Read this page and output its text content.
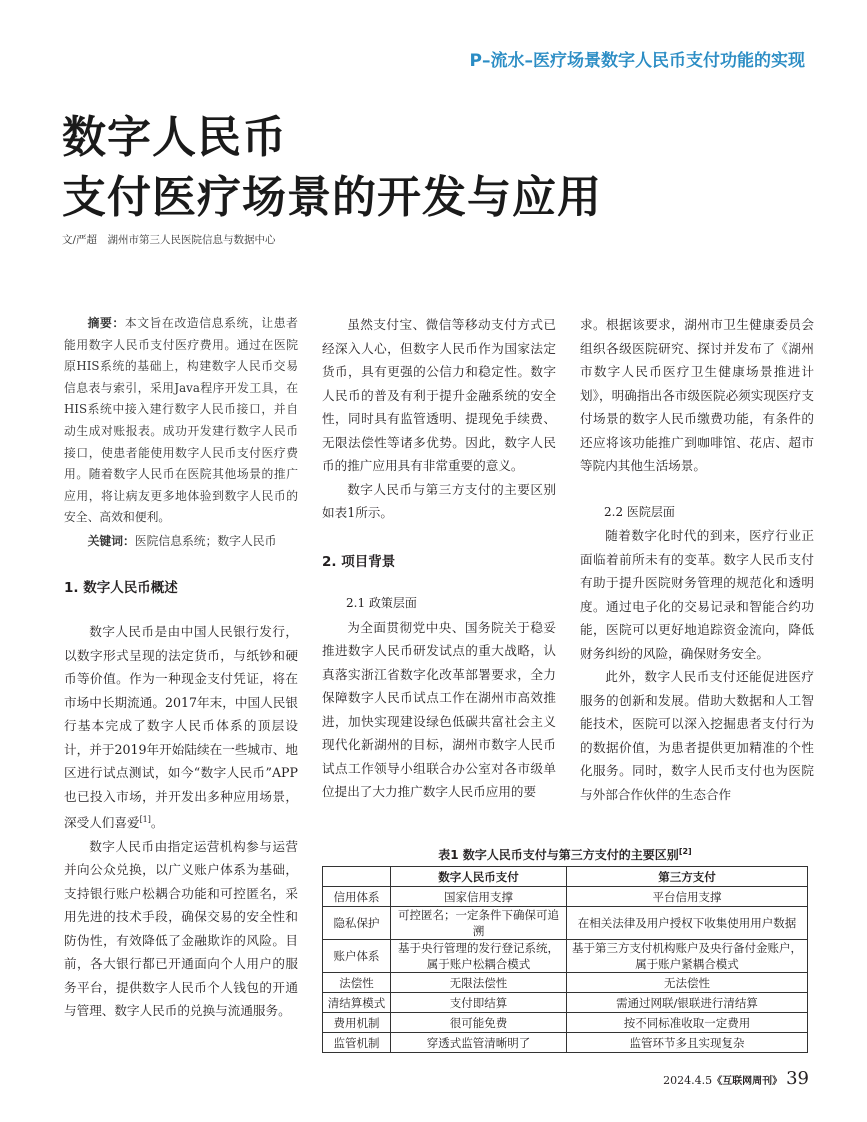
P–流水–医疗场景数字人民币支付功能的实现
数字人民币
支付医疗场景的开发与应用
文/严超　湖州市第三人民医院信息与数据中心

摘要：本文旨在改造信息系统，让患者能用数字人民币支付医疗费用。通过在医院原HIS系统的基础上，构建数字人民币交易信息表与索引，采用Java程序开发工具，在HIS系统中接入建行数字人民币接口，并自动生成对账报表。成功开发建行数字人民币接口，使患者能使用数字人民币支付医疗费用。随着数字人民币在医院其他场景的推广应用，将让病友更多地体验到数字人民币的安全、高效和便利。

关键词：医院信息系统；数字人民币

1. 数字人民币概述

数字人民币是由中国人民银行发行，以数字形式呈现的法定货币，与纸钞和硬币等价值。作为一种现金支付凭证，将在市场中长期流通。2017年末，中国人民银行基本完成了数字人民币体系的顶层设计，并于2019年开始陆续在一些城市、地区进行试点测试，如今“数字人民币”APP也已投入市场，并开发出多种应用场景，深受人们喜爱[1]。

数字人民币由指定运营机构参与运营并向公众兑换，以广义账户体系为基础，支持银行账户松耦合功能和可控匿名，采用先进的技术手段，确保交易的安全性和防伪性，有效降低了金融欺诈的风险。目前，各大银行都已开通面向个人用户的服务平台，提供数字人民币个人钱包的开通与管理、数字人民币的兑换与流通服务。

虽然支付宝、微信等移动支付方式已经深入人心，但数字人民币作为国家法定货币，具有更强的公信力和稳定性。数字人民币的普及有利于提升金融系统的安全性，同时具有监管透明、提现免手续费、无限法偿性等诸多优势。因此，数字人民币的推广应用具有非常重要的意义。

数字人民币与第三方支付的主要区别如表1所示。

2. 项目背景

2.1 政策层面

为全面贯彻党中央、国务院关于稳妥推进数字人民币研发试点的重大战略，认真落实浙江省数字化改革部署要求，全力保障数字人民币试点工作在湖州市高效推进，加快实现建设绿色低碳共富社会主义现代化新湖州的目标，湖州市数字人民币试点工作领导小组联合办公室对各市级单位提出了大力推广数字人民币应用的要

求。根据该要求，湖州市卫生健康委员会组织各级医院研究、探讨并发布了《湖州市数字人民币医疗卫生健康场景推进计划》，明确指出各市级医院必须实现医疗支付场景的数字人民币缴费功能，有条件的还应将该功能推广到咖啡馆、花店、超市等院内其他生活场景。

2.2 医院层面

随着数字化时代的到来，医疗行业正面临着前所未有的变革。数字人民币支付有助于提升医院财务管理的规范化和透明度。通过电子化的交易记录和智能合约功能，医院可以更好地追踪资金流向，降低财务纠纷的风险，确保财务安全。

此外，数字人民币支付还能促进医疗服务的创新和发展。借助大数据和人工智能技术，医院可以深入挖掘患者支付行为的数据价值，为患者提供更加精准的个性化服务。同时，数字人民币支付也为医院与外部合作伙伴的生态合作

表1 数字人民币支付与第三方支付的主要区别[2]
	数字人民币支付	第三方支付
信用体系	国家信用支撑	平台信用支撑
隐私保护	可控匿名；一定条件下确保可追溯	在相关法律及用户授权下收集使用用户数据
账户体系	基于央行管理的发行登记系统，属于账户松耦合模式	基于第三方支付机构账户及央行备付金账户，属于账户紧耦合模式
法偿性	无限法偿性	无法偿性
清结算模式	支付即结算	需通过网联/银联进行清结算
费用机制	很可能免费	按不同标准收取一定费用
监管机制	穿透式监管清晰明了	监管环节多且实现复杂
2024.4.5《互联网周刊》 39
